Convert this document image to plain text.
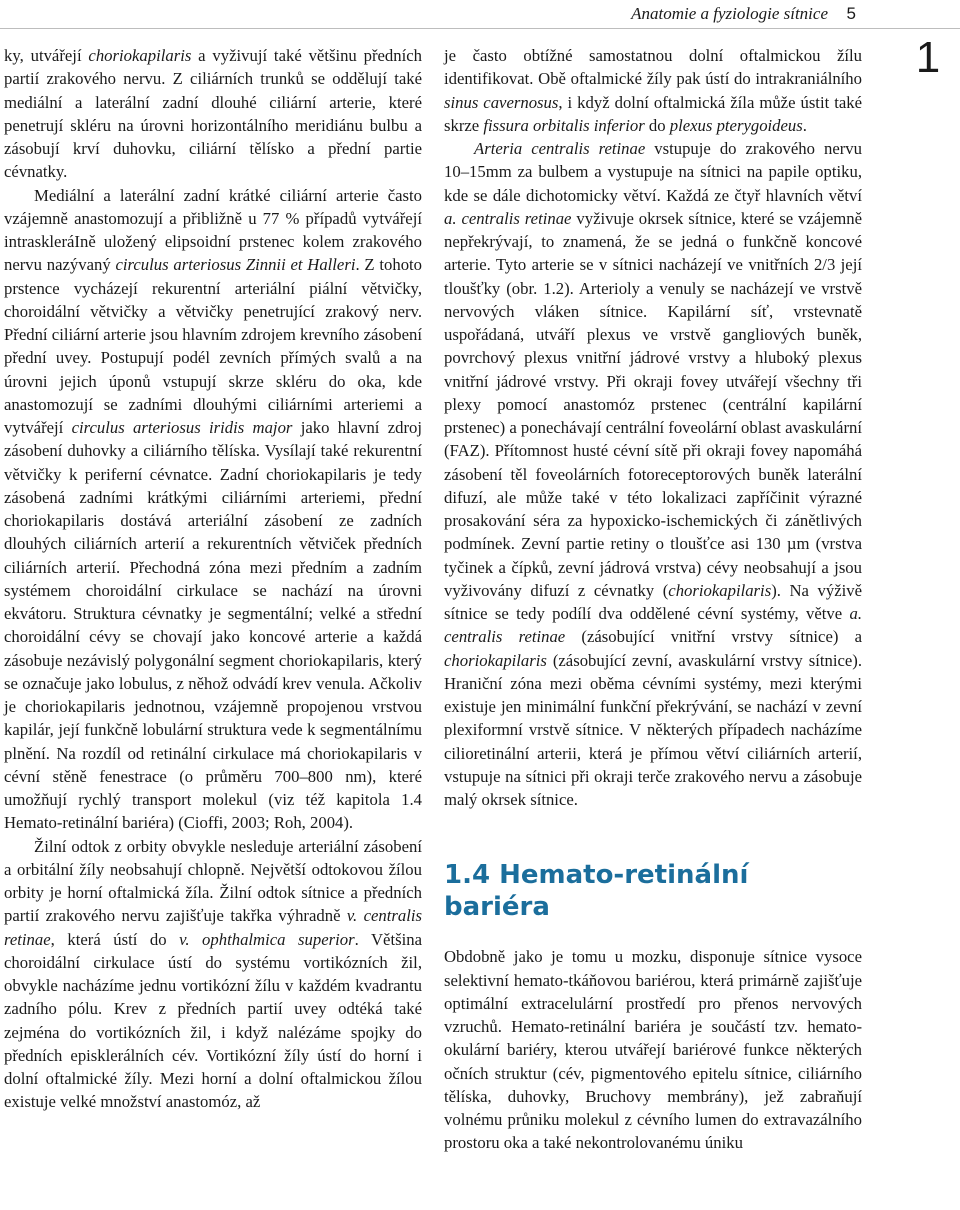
Anatomie a fyziologie sítnice 5
1

ky, utvářejí choriokapilaris a vyživují také většinu předních partií zrakového nervu. Z ciliárních trunků se oddělují také mediální a laterální zadní dlouhé ciliární arterie, které penetrují skléru na úrovni horizontálního meridiánu bulbu a zásobují krví duhovku, ciliární tělísko a přední partie cévnatky.

Mediální a laterální zadní krátké ciliární arterie často vzájemně anastomozují a přibližně u 77 % případů vytvářejí intraskleráIně uložený elipsoidní prstenec kolem zrakového nervu nazývaný circulus arteriosus Zinnii et Halleri. Z tohoto prstence vycházejí rekurentní arteriální piální větvičky, choroidální větvičky a větvičky penetrující zrakový nerv. Přední ciliární arterie jsou hlavním zdrojem krevního zásobení přední uvey. Postupují podél zevních přímých svalů a na úrovni jejich úponů vstupují skrze skléru do oka, kde anastomozují se zadními dlouhými ciliárními arteriemi a vytvářejí circulus arteriosus iridis major jako hlavní zdroj zásobení duhovky a ciliárního tělíska. Vysílají také rekurentní větvičky k periferní cévnatce. Zadní choriokapilaris je tedy zásobená zadními krátkými ciliárními arteriemi, přední choriokapilaris dostává arteriální zásobení ze zadních dlouhých ciliárních arterií a rekurentních větviček předních ciliárních arterií. Přechodná zóna mezi předním a zadním systémem choroidální cirkulace se nachází na úrovni ekvátoru. Struktura cévnatky je segmentální; velké a střední choroidální cévy se chovají jako koncové arterie a každá zásobuje nezávislý polygonální segment choriokapilaris, který se označuje jako lobulus, z něhož odvádí krev venula. Ačkoliv je choriokapilaris jednotnou, vzájemně propojenou vrstvou kapilár, její funkčně lobulární struktura vede k segmentálnímu plnění. Na rozdíl od retinální cirkulace má choriokapilaris v cévní stěně fenestrace (o průměru 700–800 nm), které umožňují rychlý transport molekul (viz též kapitola 1.4 Hemato-retinální bariéra) (Cioffi, 2003; Roh, 2004).

Žilní odtok z orbity obvykle nesleduje arteriální zásobení a orbitální žíly neobsahují chlopně. Největší odtokovou žílou orbity je horní oftalmická žíla. Žilní odtok sítnice a předních partií zrakového nervu zajišťuje takřka výhradně v. centralis retinae, která ústí do v. ophthalmica superior. Většina choroidální cirkulace ústí do systému vortikózních žil, obvykle nacházíme jednu vortikózní žílu v každém kvadrantu zadního pólu. Krev z předních partií uvey odtéká také zejména do vortikózních žil, i když nalézáme spojky do předních episklerálních cév. Vortikózní žíly ústí do horní i dolní oftalmické žíly. Mezi horní a dolní oftalmickou žílou existuje velké množství anastomóz, až

je často obtížné samostatnou dolní oftalmickou žílu identifikovat. Obě oftalmické žíly pak ústí do intrakraniálního sinus cavernosus, i když dolní oftalmická žíla může ústit také skrze fissura orbitalis inferior do plexus pterygoideus.

Arteria centralis retinae vstupuje do zrakového nervu 10–15mm za bulbem a vystupuje na sítnici na papile optiku, kde se dále dichotomicky větví. Každá ze čtyř hlavních větví a. centralis retinae vyživuje okrsek sítnice, které se vzájemně nepřekrývají, to znamená, že se jedná o funkčně koncové arterie. Tyto arterie se v sítnici nacházejí ve vnitřních 2/3 její tloušťky (obr. 1.2). Arterioly a venuly se nacházejí ve vrstvě nervových vláken sítnice. Kapilární síť, vrstevnatě uspořádaná, utváří plexus ve vrstvě gangliových buněk, povrchový plexus vnitřní jádrové vrstvy a hluboký plexus vnitřní jádrové vrstvy. Při okraji fovey utvářejí všechny tři plexy pomocí anastomóz prstenec (centrální kapilární prstenec) a ponechávají centrální foveolární oblast avaskulární (FAZ). Přítomnost husté cévní sítě při okraji fovey napomáhá zásobení těl foveolárních fotoreceptorových buněk laterální difuzí, ale může také v této lokalizaci zapříčinit výrazné prosakování séra za hypoxicko-ischemických či zánětlivých podmínek. Zevní partie retiny o tloušťce asi 130 µm (vrstva tyčinek a čípků, zevní jádrová vrstva) cévy neobsahují a jsou vyživovány difuzí z cévnatky (choriokapilaris). Na výživě sítnice se tedy podílí dva oddělené cévní systémy, větve a. centralis retinae (zásobující vnitřní vrstvy sítnice) a choriokapilaris (zásobující zevní, avaskulární vrstvy sítnice). Hraniční zóna mezi oběma cévními systémy, mezi kterými existuje jen minimální funkční překrývání, se nachází v zevní plexiformní vrstvě sítnice. V některých případech nacházíme cilioretinální arterii, která je přímou větví ciliárních arterií, vstupuje na sítnici při okraji terče zrakového nervu a zásobuje malý okrsek sítnice.

1.4 Hemato-retinální bariéra

Obdobně jako je tomu u mozku, disponuje sítnice vysoce selektivní hemato-tkáňovou bariérou, která primárně zajišťuje optimální extracelulární prostředí pro přenos nervových vzruchů. Hemato-retinální bariéra je součástí tzv. hemato-okulární bariéry, kterou utvářejí bariérové funkce některých očních struktur (cév, pigmentového epitelu sítnice, ciliárního tělíska, duhovky, Bruchovy membrány), jež zabraňují volnému průniku molekul z cévního lumen do extravazálního prostoru oka a také nekontrolovanému úniku
